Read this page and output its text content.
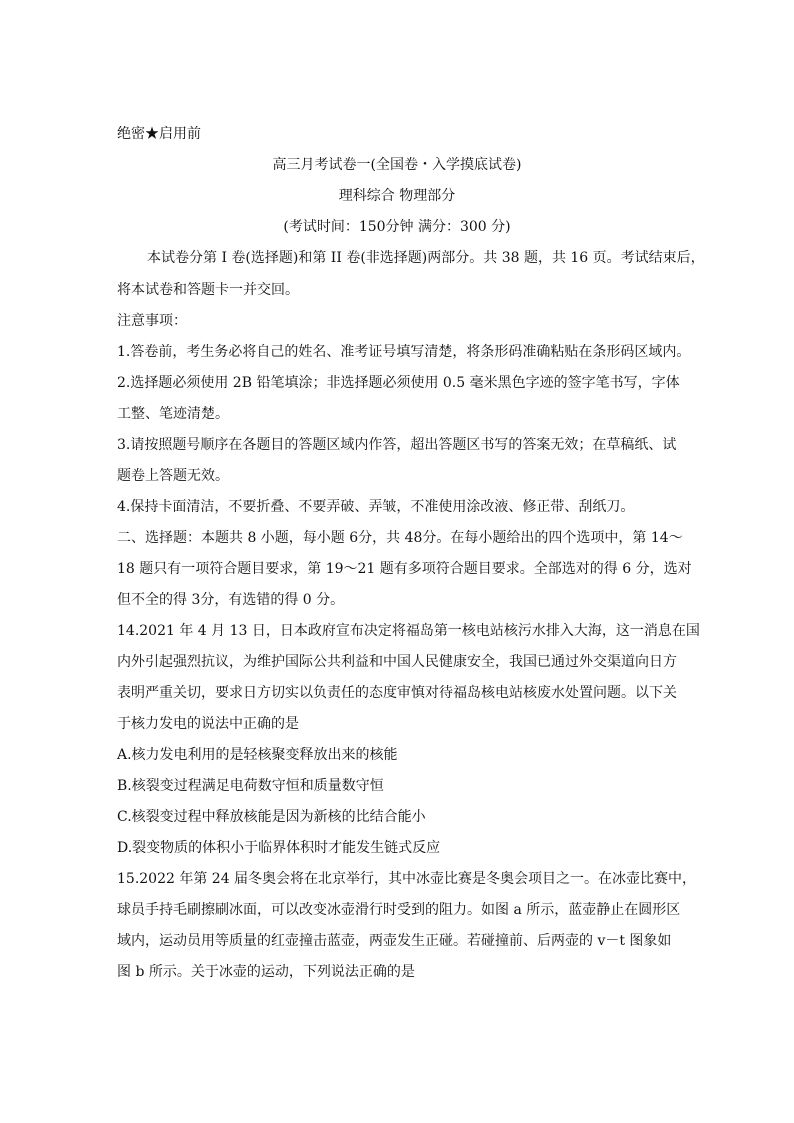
绝密★启用前
高三月考试卷一(全国卷・入学摸底试卷)
理科综合 物理部分
(考试时间：150分钟 满分：300 分)
本试卷分第 I 卷(选择题)和第 II 卷(非选择题)两部分。共 38 题，共 16 页。考试结束后，
将本试卷和答题卡一并交回。
注意事项：
1.答卷前，考生务必将自己的姓名、准考证号填写清楚，将条形码准确粘贴在条形码区域内。
2.选择题必须使用 2B 铅笔填涂；非选择题必须使用 0.5 毫米黑色字迹的签字笔书写，字体
工整、笔迹清楚。
3.请按照题号顺序在各题目的答题区域内作答，超出答题区书写的答案无效；在草稿纸、试
题卷上答题无效。
4.保持卡面清洁，不要折叠、不要弄破、弄皱，不准使用涂改液、修正带、刮纸刀。
二、选择题：本题共 8 小题，每小题 6分，共 48分。在每小题给出的四个选项中，第 14～
18 题只有一项符合题目要求，第 19～21 题有多项符合题目要求。全部选对的得 6 分，选对
但不全的得 3分，有选错的得 0 分。
14.2021 年 4 月 13 日，日本政府宣布决定将福岛第一核电站核污水排入大海，这一消息在国
内外引起强烈抗议，为维护国际公共利益和中国人民健康安全，我国已通过外交渠道向日方
表明严重关切，要求日方切实以负责任的态度审慎对待福岛核电站核废水处置问题。以下关
于核力发电的说法中正确的是
A.核力发电利用的是轻核聚变释放出来的核能
B.核裂变过程满足电荷数守恒和质量数守恒
C.核裂变过程中释放核能是因为新核的比结合能小
D.裂变物质的体积小于临界体积时才能发生链式反应
15.2022 年第 24 届冬奥会将在北京举行，其中冰壶比赛是冬奥会项目之一。在冰壶比赛中，
球员手持毛刷擦刷冰面，可以改变冰壶滑行时受到的阻力。如图 a 所示，蓝壶静止在圆形区
域内，运动员用等质量的红壶撞击蓝壶，两壶发生正碰。若碰撞前、后两壶的 v－t 图象如
图 b 所示。关于冰壶的运动，下列说法正确的是
